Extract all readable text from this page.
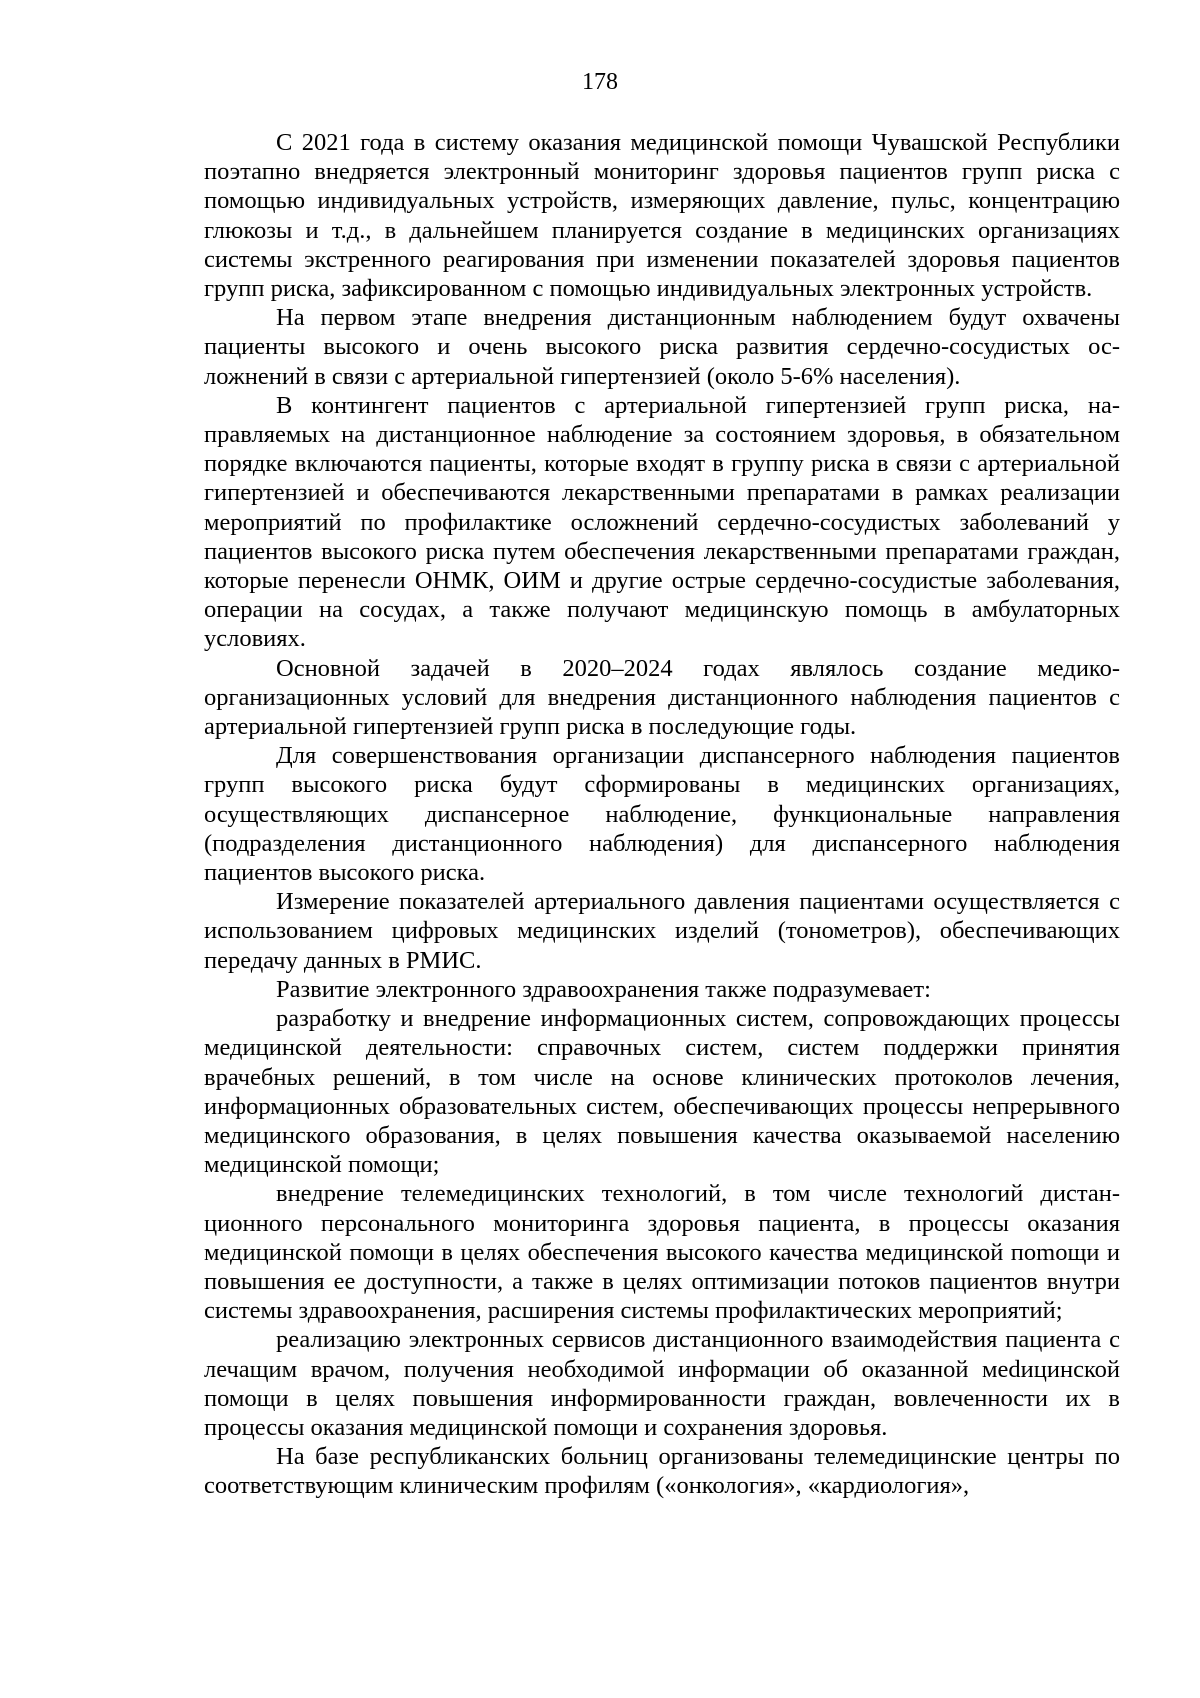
178

С 2021 года в систему оказания медицинской помощи Чувашской Республики поэтапно внедряется электронный мониторинг здоровья пациентов групп риска с помощью индивидуальных устройств, измеряющих давление, пульс, концентрацию глюкозы и т.д., в дальнейшем планируется создание в медицинских организациях системы экстренного реагирования при изменении показателей здоровья пациентов групп риска, зафиксированном с помощью индивидуальных электронных устройств.

На первом этапе внедрения дистанционным наблюдением будут охвачены пациенты высокого и очень высокого риска развития сердечно-сосудистых осложнений в связи с артериальной гипертензией (около 5-6% населения).

В контингент пациентов с артериальной гипертензией групп риска, направляемых на дистанционное наблюдение за состоянием здоровья, в обязательном порядке включаются пациенты, которые входят в группу риска в связи с артериальной гипертензией и обеспечиваются лекарственными препаратами в рамках реализации мероприятий по профилактике осложнений сердечно-сосудистых заболеваний у пациентов высокого риска путем обеспечения лекарственными препаратами граждан, которые перенесли ОНМК, ОИМ и другие острые сердечно-сосудистые заболевания, операции на сосудах, а также получают медицинскую помощь в амбулаторных условиях.

Основной задачей в 2020–2024 годах являлось создание медико-организационных условий для внедрения дистанционного наблюдения пациентов с артериальной гипертензией групп риска в последующие годы.

Для совершенствования организации диспансерного наблюдения пациентов групп высокого риска будут сформированы в медицинских организациях, осуществляющих диспансерное наблюдение, функциональные направления (подразделения дистанционного наблюдения) для диспансерного наблюдения пациентов высокого риска.

Измерение показателей артериального давления пациентами осуществляется с использованием цифровых медицинских изделий (тонометров), обеспечивающих передачу данных в РМИС.

Развитие электронного здравоохранения также подразумевает:

разработку и внедрение информационных систем, сопровождающих процессы медицинской деятельности: справочных систем, систем поддержки принятия врачебных решений, в том числе на основе клинических протоколов лечения, информационных образовательных систем, обеспечивающих процессы непрерывного медицинского образования, в целях повышения качества оказываемой населению медицинской помощи;

внедрение телемедицинских технологий, в том числе технологий дистанционного персонального мониторинга здоровья пациента, в процессы оказания медицинской помощи в целях обеспечения высокого качества медицинской поmощи и повышения ее доступности, а также в целях оптимизации потоков пациентов внутри системы здравоохранения, расширения системы профилактических мероприятий;

реализацию электронных сервисов дистанционного взаимодействия пациента с лечащим врачом, получения необходимой информации об оказанной меdицинской помощи в целях повышения информированности граждан, вовлеченности их в процессы оказания медицинской помощи и сохранения здоровья.

На базе республиканских больниц организованы телемедицинские центры по соответствующим клиническим профилям («онкология», «кардиология»,
